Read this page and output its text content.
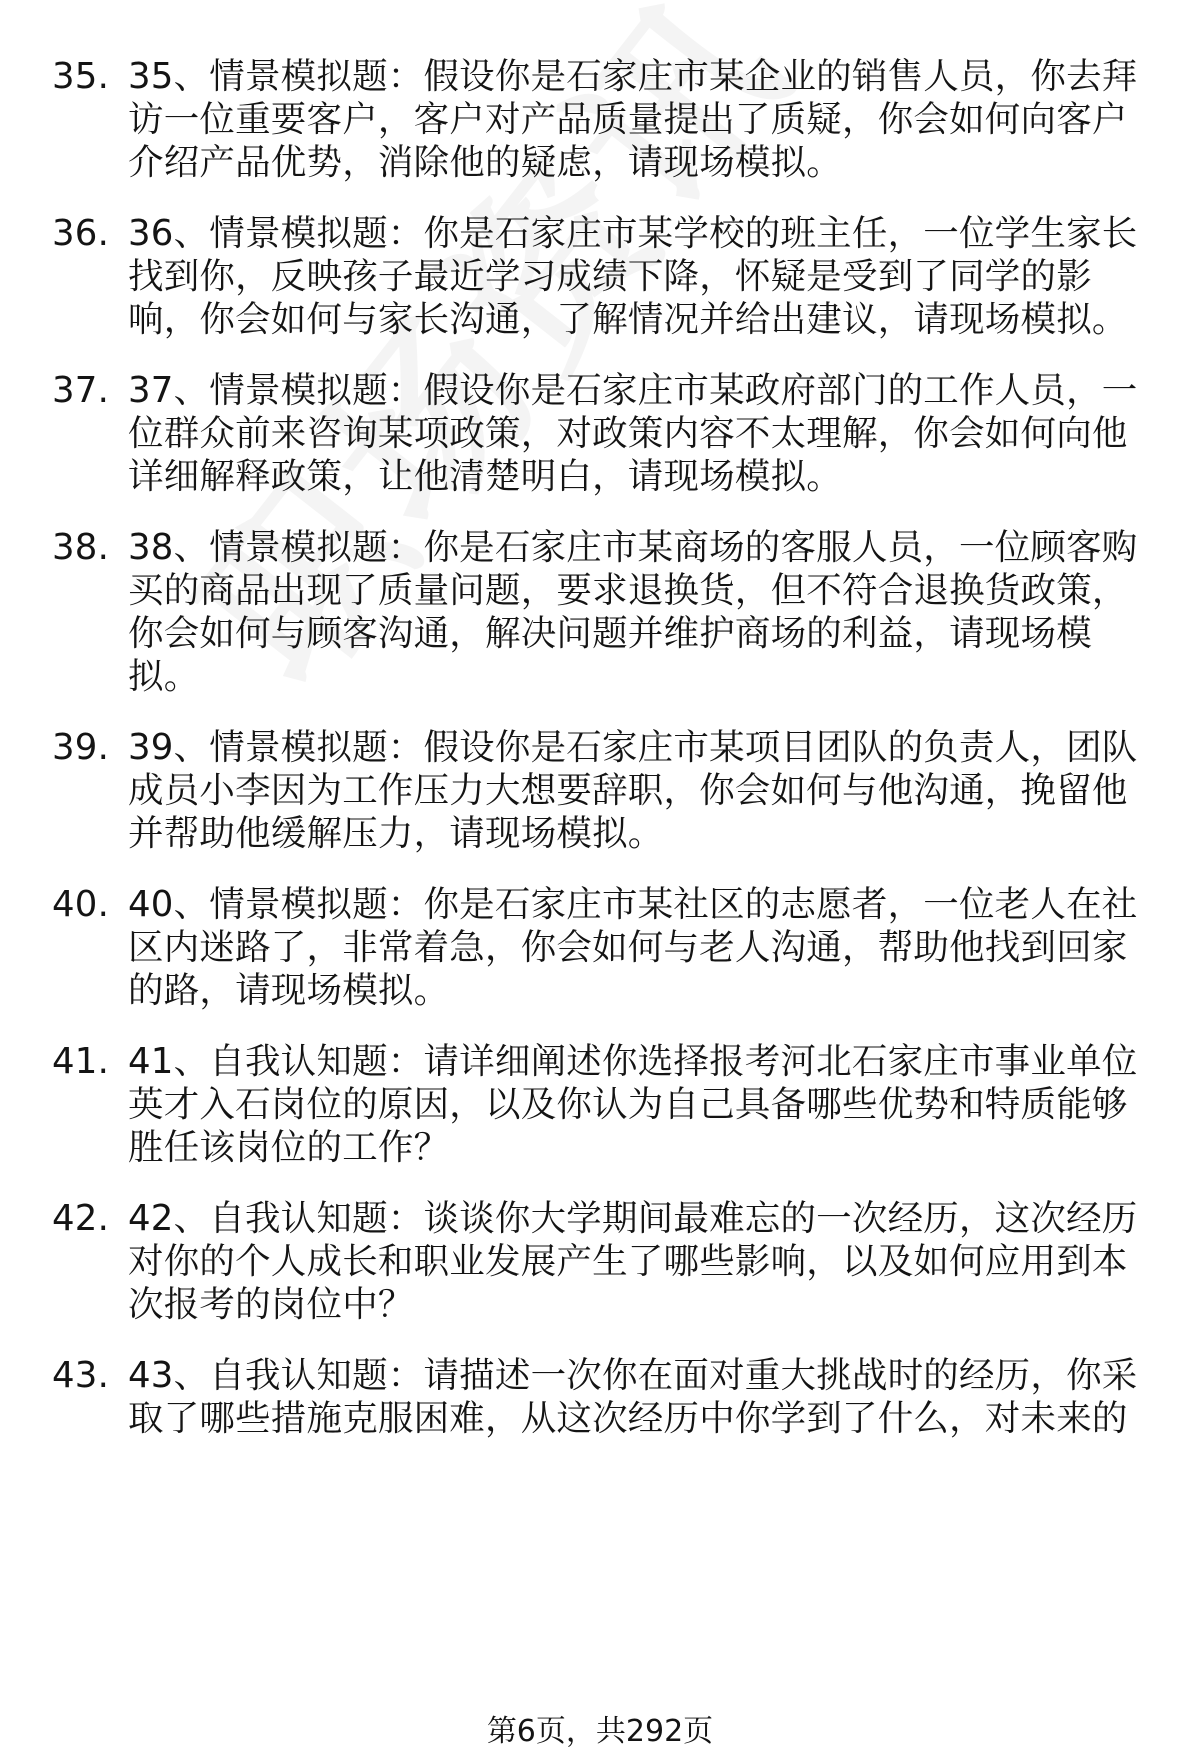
35. 35、情景模拟题：假设你是石家庄市某企业的销售人员，你去拜访一位重要客户，客户对产品质量提出了质疑，你会如何向客户介绍产品优势，消除他的疑虑，请现场模拟。
36. 36、情景模拟题：你是石家庄市某学校的班主任，一位学生家长找到你，反映孩子最近学习成绩下降，怀疑是受到了同学的影响，你会如何与家长沟通，了解情况并给出建议，请现场模拟。
37. 37、情景模拟题：假设你是石家庄市某政府部门的工作人员，一位群众前来咨询某项政策，对政策内容不太理解，你会如何向他详细解释政策，让他清楚明白，请现场模拟。
38. 38、情景模拟题：你是石家庄市某商场的客服人员，一位顾客购买的商品出现了质量问题，要求退换货，但不符合退换货政策，你会如何与顾客沟通，解决问题并维护商场的利益，请现场模拟。
39. 39、情景模拟题：假设你是石家庄市某项目团队的负责人，团队成员小李因为工作压力大想要辞职，你会如何与他沟通，挽留他并帮助他缓解压力，请现场模拟。
40. 40、情景模拟题：你是石家庄市某社区的志愿者，一位老人在社区内迷路了，非常着急，你会如何与老人沟通，帮助他找到回家的路，请现场模拟。
41. 41、自我认知题：请详细阐述你选择报考河北石家庄市事业单位英才入石岗位的原因，以及你认为自己具备哪些优势和特质能够胜任该岗位的工作？
42. 42、自我认知题：谈谈你大学期间最难忘的一次经历，这次经历对你的个人成长和职业发展产生了哪些影响，以及如何应用到本次报考的岗位中？
43. 43、自我认知题：请描述一次你在面对重大挑战时的经历，你采取了哪些措施克服困难，从这次经历中你学到了什么，对未来的
第6页，共292页
